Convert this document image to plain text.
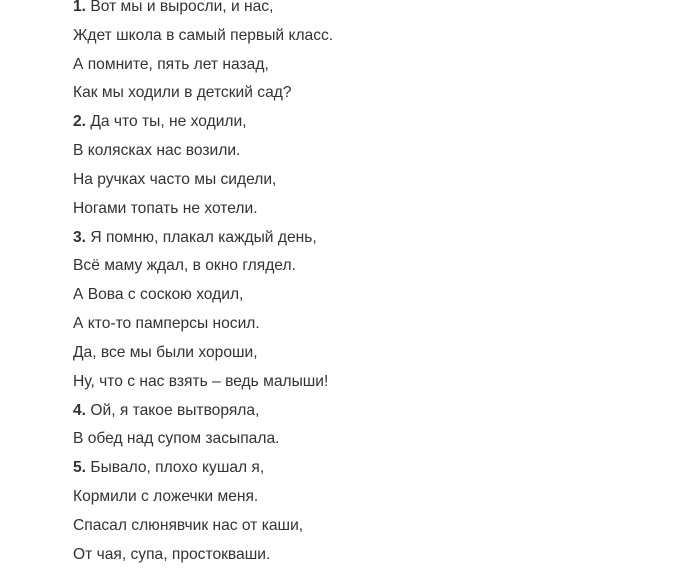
1. Вот мы и выросли, и нас,
Ждет школа в самый первый класс.
А помните, пять лет назад,
Как мы ходили в детский сад?
2. Да что ты, не ходили,
В колясках нас возили.
На ручках часто мы сидели,
Ногами топать не хотели.
3. Я помню, плакал каждый день,
Всё маму ждал, в окно глядел.
А Вова с соскою ходил,
А кто-то памперсы носил.
Да, все мы были хороши,
Ну, что с нас взять – ведь малыши!
4. Ой, я такое вытворяла,
В обед над супом засыпала.
5. Бывало, плохо кушал я,
Кормили с ложечки меня.
Спасал слюнявчик нас от каши,
От чая, супа, простокваши.
